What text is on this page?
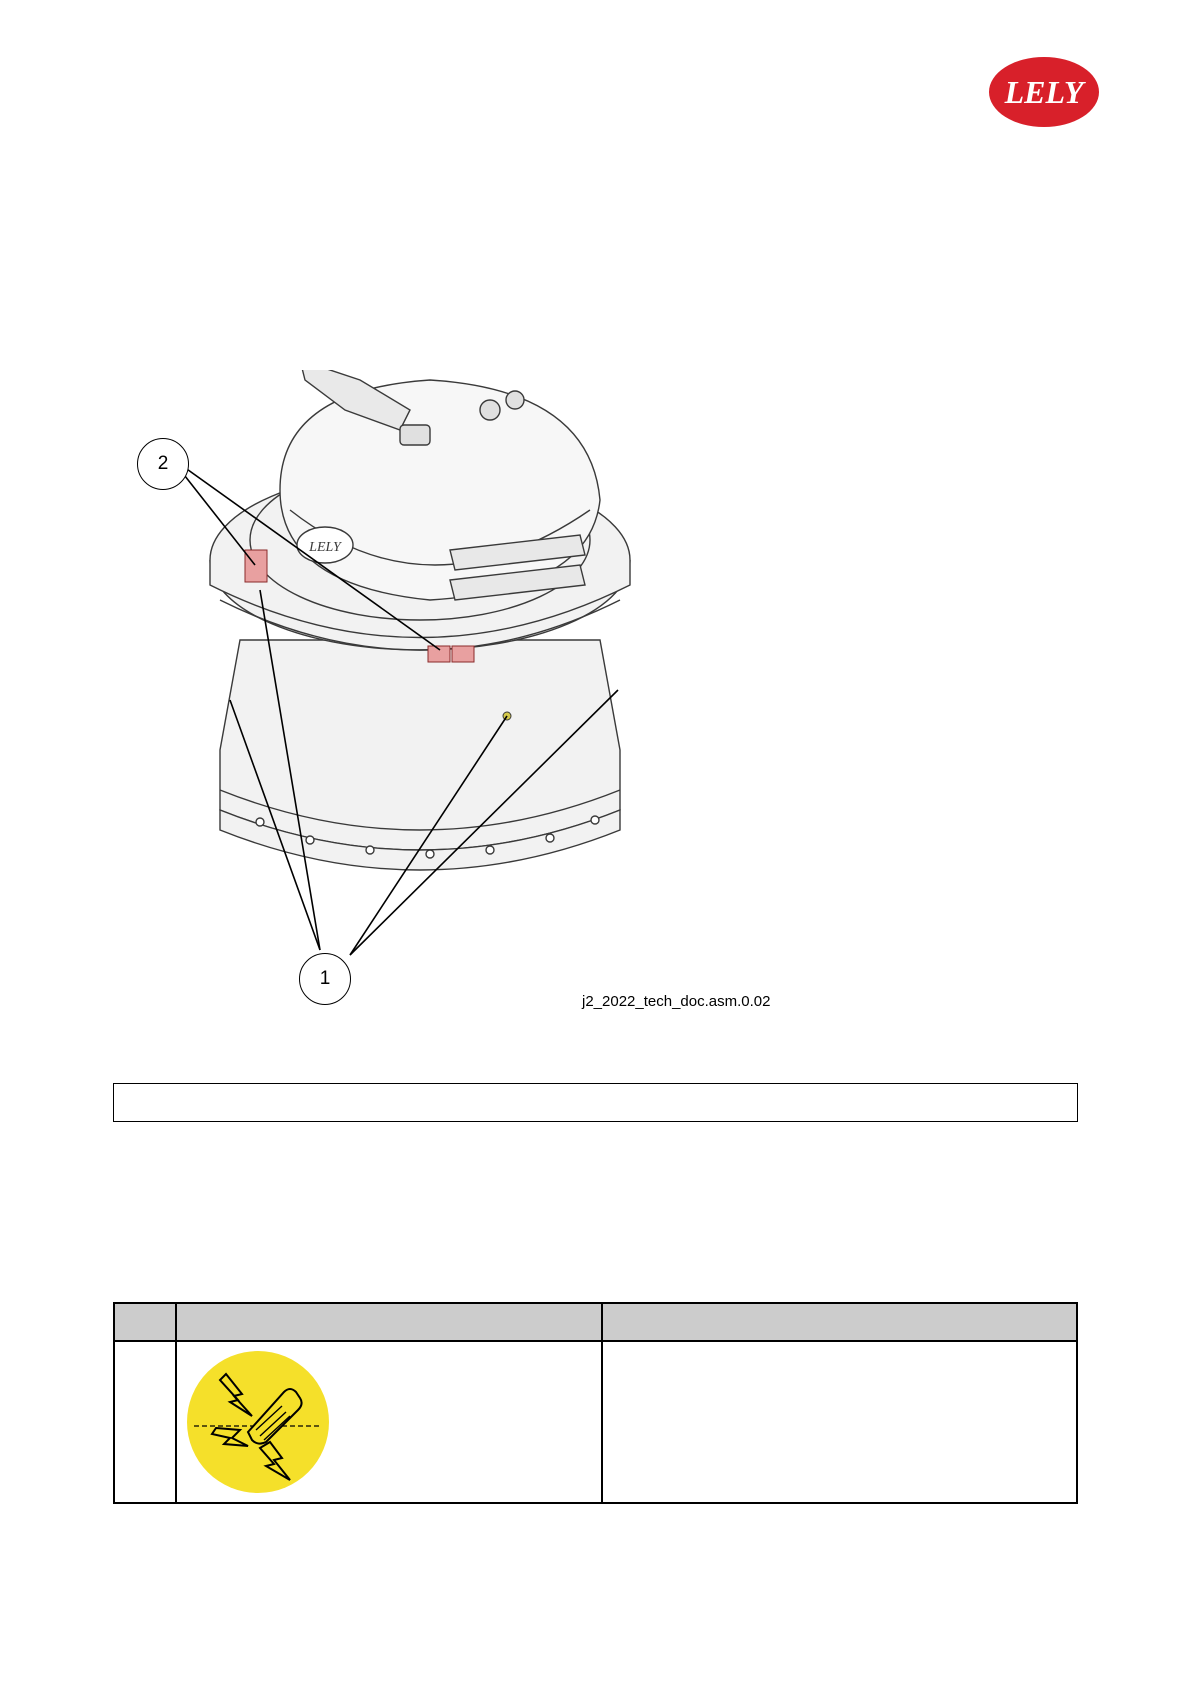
LELY
LELY
2
1
j2_2022_tech_doc.asm.0.02
